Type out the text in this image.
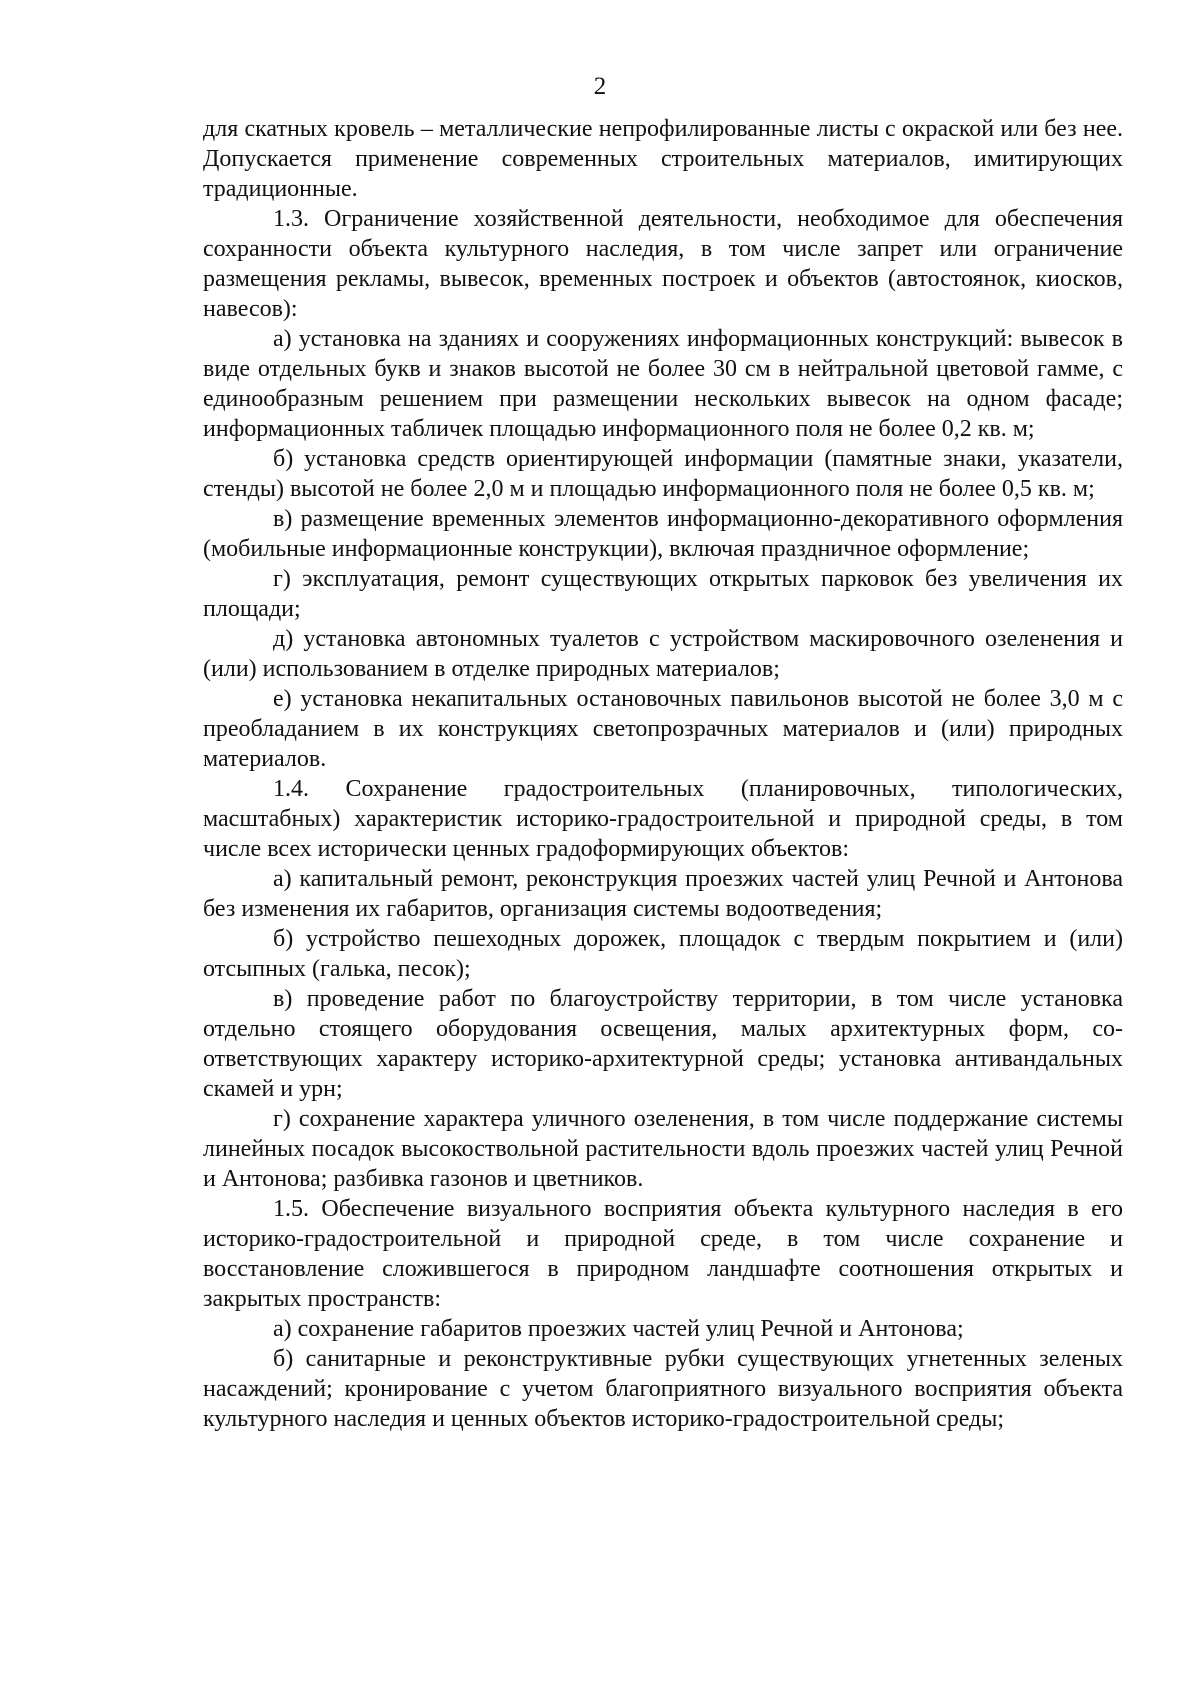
2

для скатных кровель – металлические непрофилированные листы с окраской или без нее. Допускается применение современных строительных материалов, имитирующих традиционные.

1.3. Ограничение хозяйственной деятельности, необходимое для обеспечения сохранности объекта культурного наследия, в том числе запрет или ограничение размещения рекламы, вывесок, временных построек и объектов (автостоянок, киосков, навесов):

а) установка на зданиях и сооружениях информационных конструкций: вывесок в виде отдельных букв и знаков высотой не более 30 см в нейтральной цветовой гамме, с единообразным решением при размещении нескольких вывесок на одном фасаде; информационных табличек площадью информационного поля не более 0,2 кв. м;

б) установка средств ориентирующей информации (памятные знаки, указатели, стенды) высотой не более 2,0 м и площадью информационного поля не более 0,5 кв. м;

в) размещение временных элементов информационно-декоративного оформления (мобильные информационные конструкции), включая праздничное оформление;

г) эксплуатация, ремонт существующих открытых парковок без увеличения их площади;

д) установка автономных туалетов с устройством маскировочного озеленения и (или) использованием в отделке природных материалов;

е) установка некапитальных остановочных павильонов высотой не более 3,0 м с преобладанием в их конструкциях светопрозрачных материалов и (или) природных материалов.

1.4. Сохранение градостроительных (планировочных, типологических, масштабных) характеристик историко-градостроительной и природной среды, в том числе всех исторически ценных градоформирующих объектов:

а) капитальный ремонт, реконструкция проезжих частей улиц Речной и Антонова без изменения их габаритов, организация системы водоотведения;

б) устройство пешеходных дорожек, площадок с твердым покрытием и (или) отсыпных (галька, песок);

в) проведение работ по благоустройству территории, в том числе установка отдельно стоящего оборудования освещения, малых архитектурных форм, соответствующих характеру историко-архитектурной среды; установка антивандальных скамей и урн;

г) сохранение характера уличного озеленения, в том числе поддержание системы линейных посадок высокоствольной растительности вдоль проезжих частей улиц Речной и Антонова; разбивка газонов и цветников.

1.5. Обеспечение визуального восприятия объекта культурного наследия в его историко-градостроительной и природной среде, в том числе сохранение и восстановление сложившегося в природном ландшафте соотношения открытых и закрытых пространств:

а) сохранение габаритов проезжих частей улиц Речной и Антонова;

б) санитарные и реконструктивные рубки существующих угнетенных зеленых насаждений; кронирование с учетом благоприятного визуального восприятия объекта культурного наследия и ценных объектов историко-градостроительной среды;
